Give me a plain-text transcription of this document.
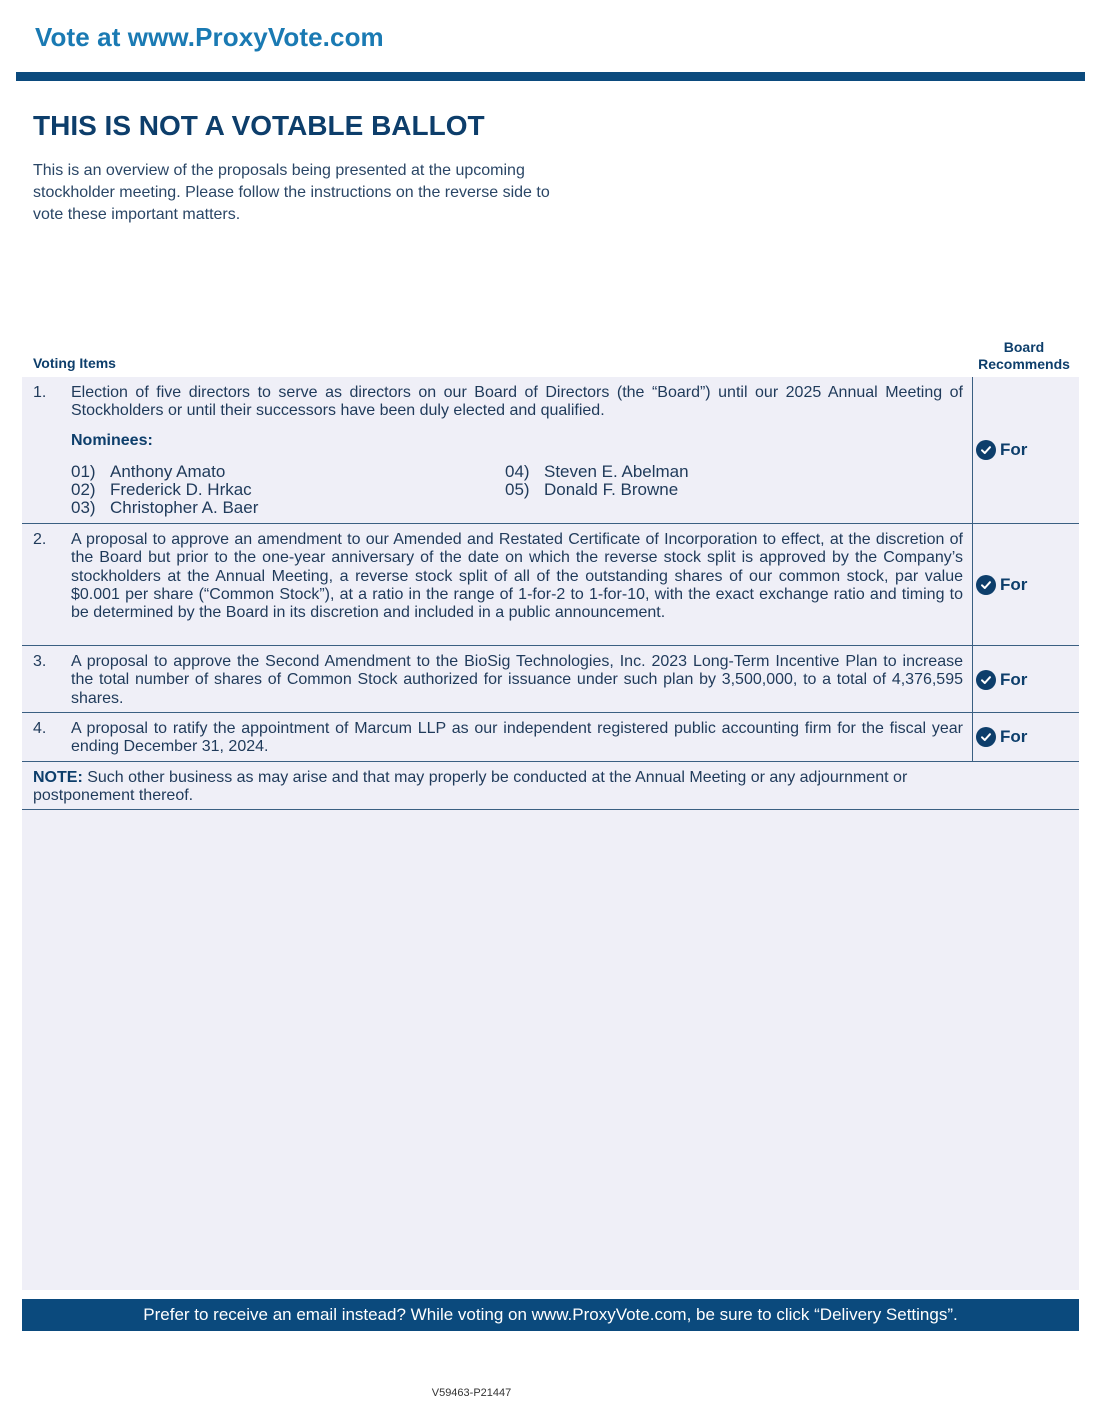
Vote at www.ProxyVote.com
THIS IS NOT A VOTABLE BALLOT

This is an overview of the proposals being presented at the upcoming stockholder meeting. Please follow the instructions on the reverse side to vote these important matters.

Voting Items
Board
Recommends
1. Election of five directors to serve as directors on our Board of Directors (the “Board”) until our 2025 Annual Meeting of Stockholders or until their successors have been duly elected and qualified.

Nominees:
01) Anthony Amato
02) Frederick D. Hrkac
03) Christopher A. Baer
04) Steven E. Abelman
05) Donald F. Browne
For
2. A proposal to approve an amendment to our Amended and Restated Certificate of Incorporation to effect, at the discretion of the Board but prior to the one-year anniversary of the date on which the reverse stock split is approved by the Company’s stockholders at the Annual Meeting, a reverse stock split of all of the outstanding shares of our common stock, par value $0.001 per share (“Common Stock”), at a ratio in the range of 1-for-2 to 1-for-10, with the exact exchange ratio and timing to be determined by the Board in its discretion and included in a public announcement.

For
3. A proposal to approve the Second Amendment to the BioSig Technologies, Inc. 2023 Long-Term Incentive Plan to increase the total number of shares of Common Stock authorized for issuance under such plan by 3,500,000, to a total of 4,376,595 shares.

For
4. A proposal to ratify the appointment of Marcum LLP as our independent registered public accounting firm for the fiscal year ending December 31, 2024.

For

NOTE: Such other business as may arise and that may properly be conducted at the Annual Meeting or any adjournment or postponement thereof.

Prefer to receive an email instead? While voting on www.ProxyVote.com, be sure to click “Delivery Settings”.
V59463-P21447
